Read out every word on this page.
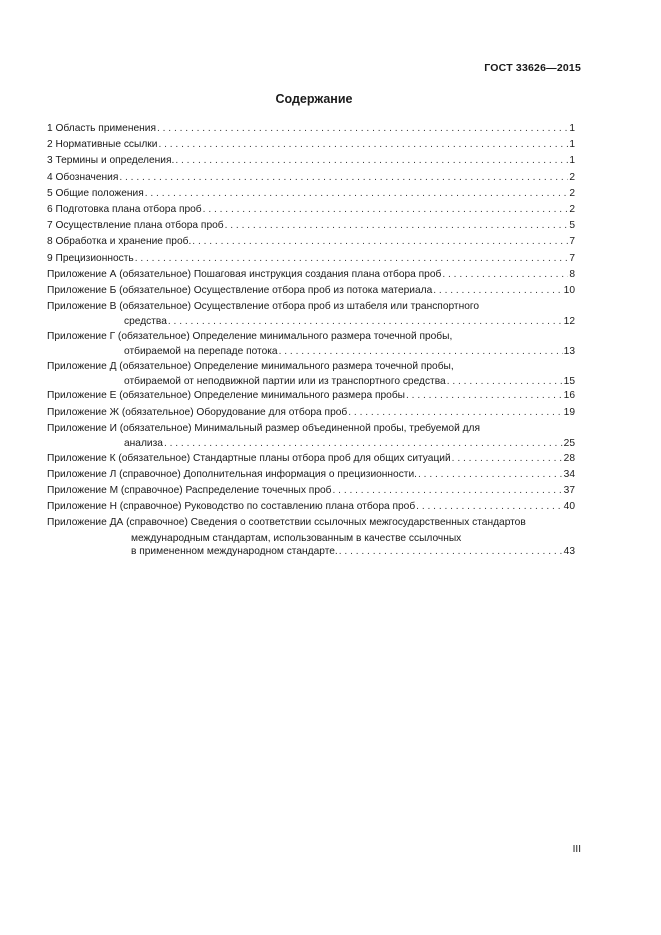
ГОСТ 33626—2015
Содержание
1 Область применения . . .	1
2 Нормативные ссылки . . .	1
3 Термины и определения. . . .	1
4 Обозначения . . .	2
5 Общие положения . . .	2
6 Подготовка плана отбора проб . . .	2
7 Осуществление плана отбора проб . . .	5
8 Обработка и хранение проб. . . .	7
9 Прецизионность . . .	7
Приложение А (обязательное) Пошаговая инструкция создания плана отбора проб . . .	8
Приложение Б (обязательное) Осуществление отбора проб из потока материала . . .	10
Приложение В (обязательное) Осуществление отбора проб из штабеля или транспортного
средства . . .	12
Приложение Г (обязательное) Определение минимального размера точечной пробы,
отбираемой на перепаде потока . . .	13
Приложение Д (обязательное) Определение минимального размера точечной пробы,
отбираемой от неподвижной партии или из транспортного средства . . .	15
Приложение Е (обязательное) Определение минимального размера пробы . . .	16
Приложение Ж (обязательное) Оборудование для отбора проб . . .	19
Приложение И (обязательное) Минимальный размер объединенной пробы, требуемой для
анализа . . .	25
Приложение К (обязательное) Стандартные планы отбора проб для общих ситуаций . . .	28
Приложение Л (справочное) Дополнительная информация о прецизионности. . . .	34
Приложение М (справочное) Распределение точечных проб . . .	37
Приложение Н (справочное) Руководство по составлению плана отбора проб . . .	40
Приложение ДА (справочное) Сведения о соответствии ссылочных межгосударственных стандартов
международным стандартам, использованным в качестве ссылочных
в примененном международном стандарте. . . .	43
III
